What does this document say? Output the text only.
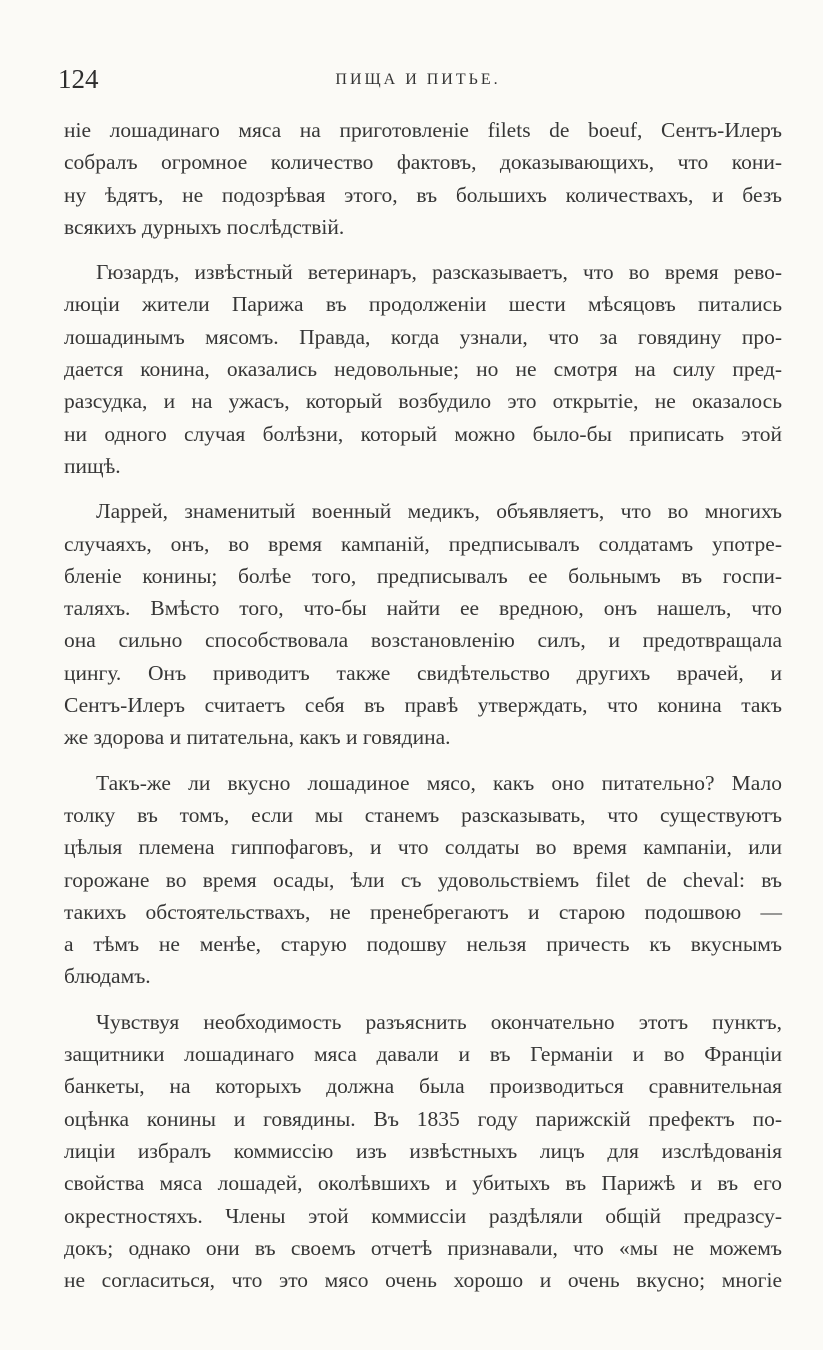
124	ПИЩА И ПИТЬЕ.

ніе лошадинаго мяса на приготовленіе filets de boeuf, Сентъ-Илеръ
собралъ огромное количество фактовъ, доказывающихъ, что кони-
ну ѣдятъ, не подозрѣвая этого, въ большихъ количествахъ, и безъ
всякихъ дурныхъ послѣдствій.

Гюзардъ, извѣстный ветеринаръ, разсказываетъ, что во время рево-
люціи жители Парижа въ продолженіи шести мѣсяцовъ питались
лошадинымъ мясомъ. Правда, когда узнали, что за говядину про-
дается конина, оказались недовольные; но не смотря на силу пред-
разсудка, и на ужасъ, который возбудило это открытіе, не оказалось
ни одного случая болѣзни, который можно было-бы приписать этой
пищѣ.

Ларрей, знаменитый военный медикъ, объявляетъ, что во многихъ
случаяхъ, онъ, во время кампаній, предписывалъ солдатамъ употре-
бленіе конины; болѣе того, предписывалъ ее больнымъ въ госпи-
таляхъ. Вмѣсто того, что-бы найти ее вредною, онъ нашелъ, что
она сильно способствовала возстановленію силъ, и предотвращала
цингу. Онъ приводитъ также свидѣтельство другихъ врачей, и
Сентъ-Илеръ считаетъ себя въ правѣ утверждать, что конина такъ
же здорова и питательна, какъ и говядина.

Такъ-же ли вкусно лошадиное мясо, какъ оно питательно? Мало
толку въ томъ, если мы станемъ разсказывать, что существуютъ
цѣлыя племена гиппофаговъ, и что солдаты во время кампаніи, или
горожане во время осады, ѣли съ удовольствіемъ filet de cheval: въ
такихъ обстоятельствахъ, не пренебрегаютъ и старою подошвою —
а тѣмъ не менѣе, старую подошву нельзя причесть къ вкуснымъ
блюдамъ.

Чувствуя необходимость разъяснить окончательно этотъ пунктъ,
защитники лошадинаго мяса давали и въ Германіи и во Франціи
банкеты, на которыхъ должна была производиться сравнительная
оцѣнка конины и говядины. Въ 1835 году парижскій префектъ по-
лиціи избралъ коммиссію изъ извѣстныхъ лицъ для изслѣдованія
свойства мяса лошадей, околѣвшихъ и убитыхъ въ Парижѣ и въ его
окрестностяхъ. Члены этой коммиссіи раздѣляли общій предразсу-
докъ; однако они въ своемъ отчетѣ признавали, что «мы не можемъ
не согласиться, что это мясо очень хорошо и очень вкусно; многіе
